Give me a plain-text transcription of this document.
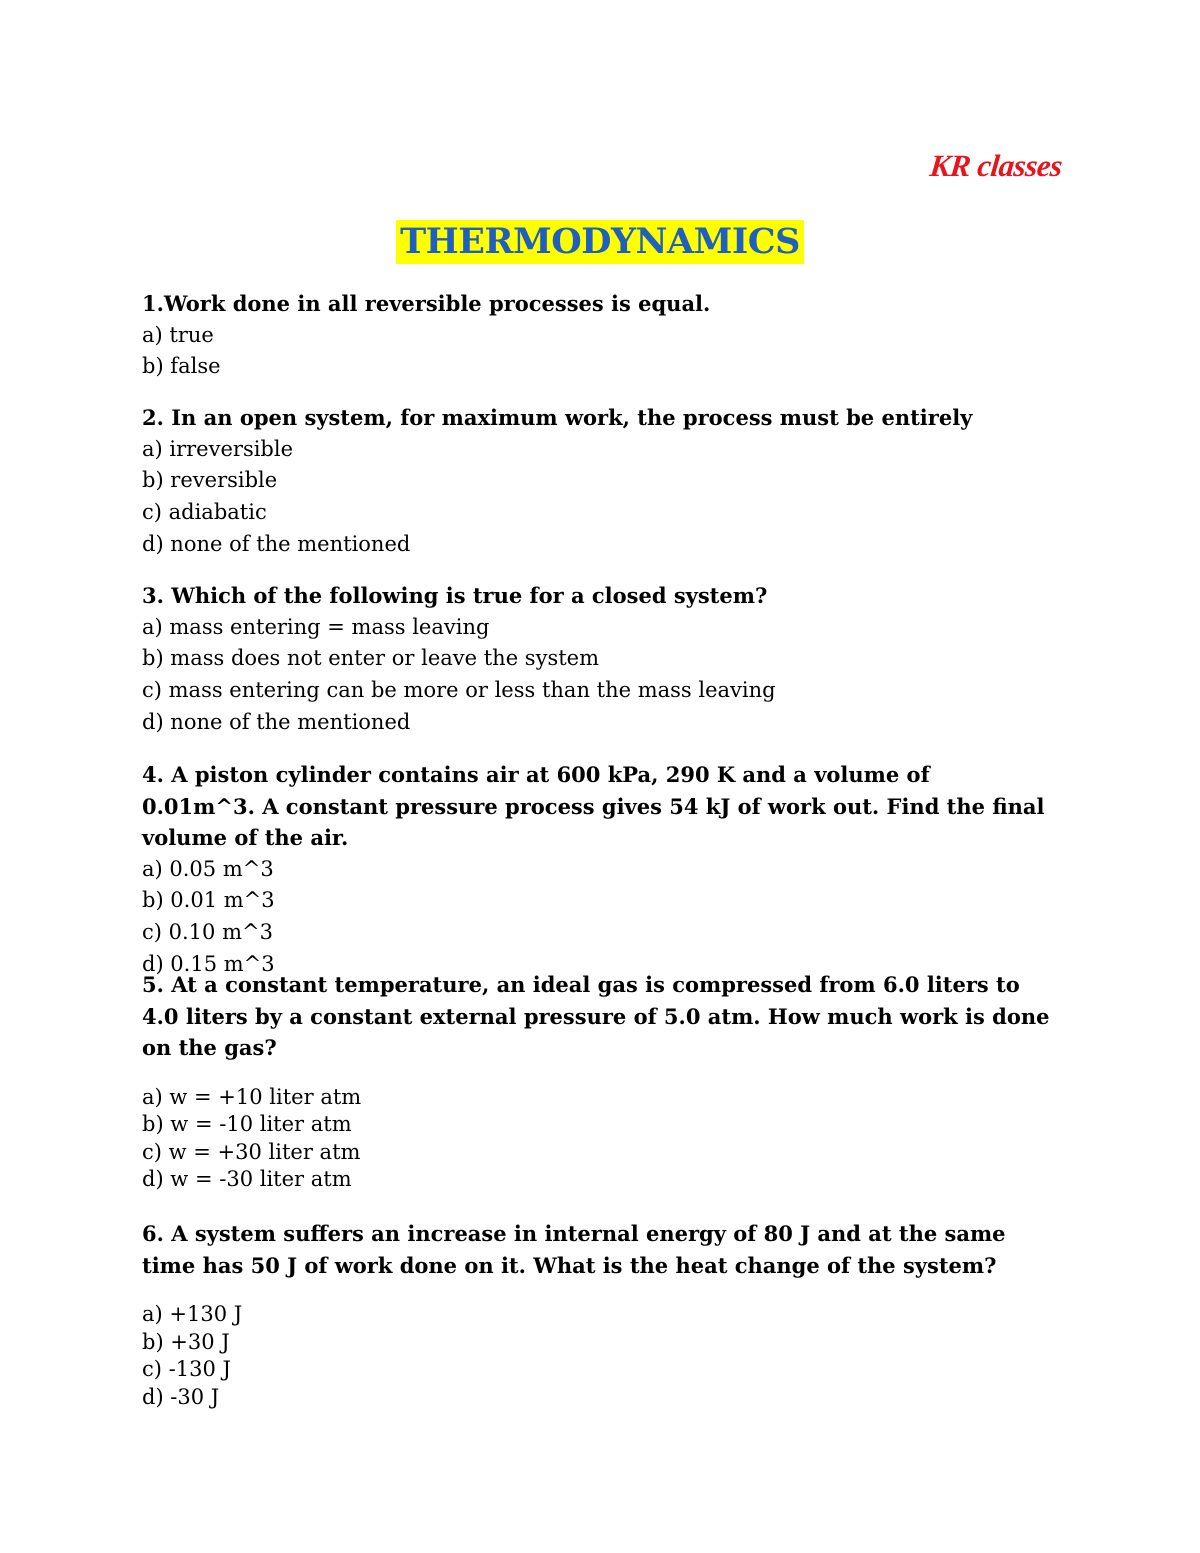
KR classes
THERMODYNAMICS
1.Work done in all reversible processes is equal.
a) true
b) false
2. In an open system, for maximum work, the process must be entirely
a) irreversible
b) reversible
c) adiabatic
d) none of the mentioned
3. Which of the following is true for a closed system?
a) mass entering = mass leaving
b) mass does not enter or leave the system
c) mass entering can be more or less than the mass leaving
d) none of the mentioned
4. A piston cylinder contains air at 600 kPa, 290 K and a volume of 0.01m^3. A constant pressure process gives 54 kJ of work out. Find the final volume of the air.
a) 0.05 m^3
b) 0.01 m^3
c) 0.10 m^3
d) 0.15 m^3
5. At a constant temperature, an ideal gas is compressed from 6.0 liters to 4.0 liters by a constant external pressure of 5.0 atm. How much work is done on the gas?
a) w = +10 liter atm
b) w = -10 liter atm
c) w = +30 liter atm
d) w = -30 liter atm
6. A system suffers an increase in internal energy of 80 J and at the same time has 50 J of work done on it. What is the heat change of the system?
a) +130 J
b) +30 J
c) -130 J
d) -30 J
